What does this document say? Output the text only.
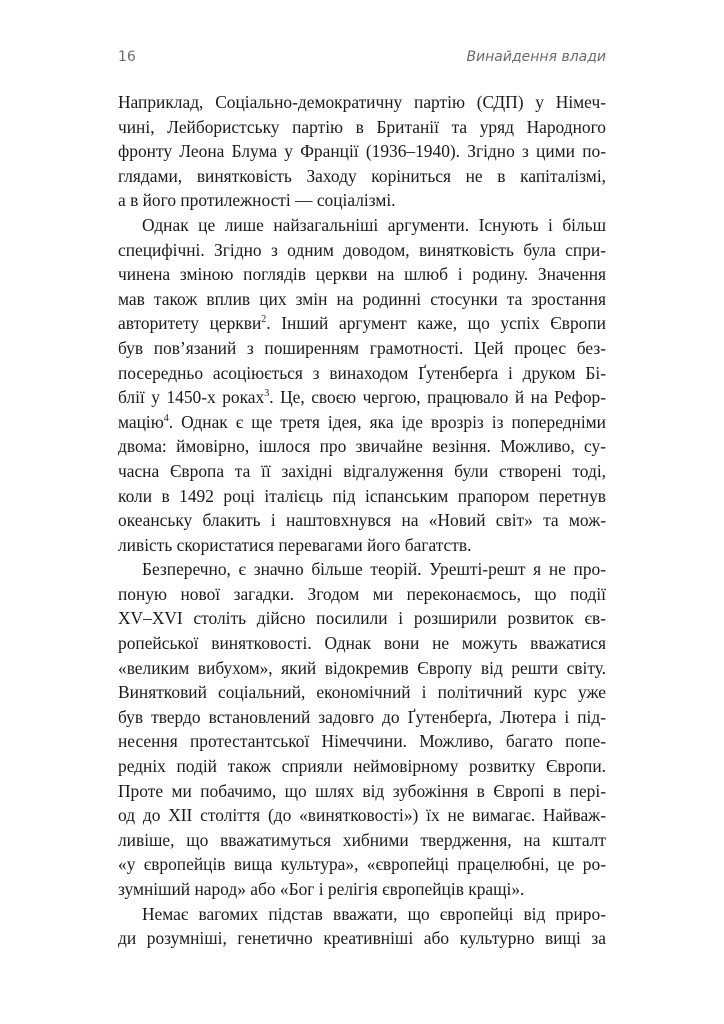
16	Винайдення влади
Наприклад, Соціально-демократичну партію (СДП) у Німеч-
чині, Лейбористську партію в Британії та уряд Народного
фронту Леона Блума у Франції (1936–1940). Згідно з цими по-
глядами, винятковість Заходу коріниться не в капіталізмі,
а в його протилежності — соціалізмі.
Однак це лише найзагальніші аргументи. Існують і більш
специфічні. Згідно з одним доводом, винятковість була спри-
чинена зміною поглядів церкви на шлюб і родину. Значення
мав також вплив цих змін на родинні стосунки та зростання
авторитету церкви$^2$. Інший аргумент каже, що успіх Європи
був пов’язаний з поширенням грамотності. Цей процес без-
посередньо асоціюється з винаходом Ґутенберґа і друком Бі-
блії у 1450-х роках$^3$. Це, своєю чергою, працювало й на Рефор-
мацію$^4$. Однак є ще третя ідея, яка іде врозріз із попередніми
двома: ймовірно, ішлося про звичайне везіння. Можливо, су-
часна Європа та її західні відгалуження були створені тоді,
коли в 1492 році італієць під іспанським прапором перетнув
океанську блакить і наштовхнувся на «Новий світ» та мож-
ливість скористатися перевагами його багатств.
Безперечно, є значно більше теорій. Урешті-решт я не про-
поную нової загадки. Згодом ми переконаємось, що події
XV–XVI століть дійсно посилили і розширили розвиток єв-
ропейської винятковості. Однак вони не можуть вважатися
«великим вибухом», який відокремив Європу від решти світу.
Винятковий соціальний, економічний і політичний курс уже
був твердо встановлений задовго до Ґутенберґа, Лютера і під-
несення протестантської Німеччини. Можливо, багато попе-
редніх подій також сприяли неймовірному розвитку Європи.
Проте ми побачимо, що шлях від зубожіння в Європі в пері-
од до XII століття (до «винятковості») їх не вимагає. Найваж-
ливіше, що вважатимуться хибними твердження, на кшталт
«у європейців вища культура», «європейці працелюбні, це ро-
зумніший народ» або «Бог і релігія європейців кращі».
Немає вагомих підстав вважати, що європейці від приро-
ди розумніші, генетично креативніші або культурно вищі за
